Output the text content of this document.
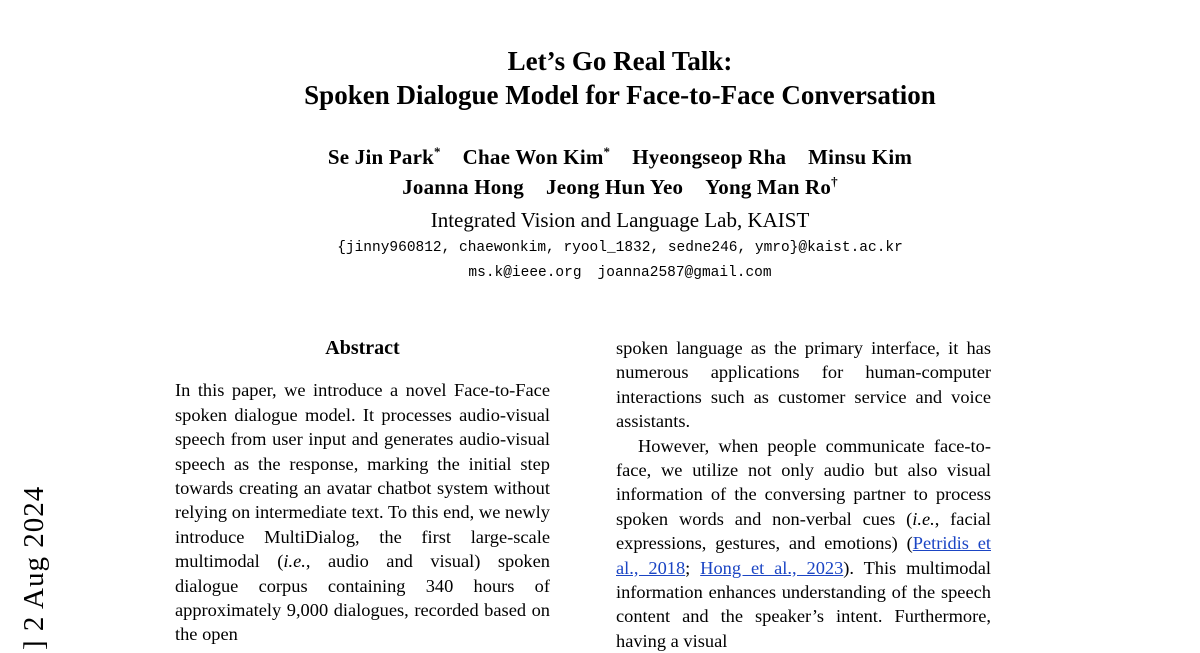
] 2 Aug 2024
Let’s Go Real Talk:
Spoken Dialogue Model for Face-to-Face Conversation
Se Jin Park* Chae Won Kim* Hyeongseop Rha Minsu Kim
Joanna Hong Jeong Hun Yeo Yong Man Ro†
Integrated Vision and Language Lab, KAIST
{jinny960812, chaewonkim, ryool_1832, sedne246, ymro}@kaist.ac.kr
ms.k@ieee.org joanna2587@gmail.com
Abstract

In this paper, we introduce a novel Face-to-Face spoken dialogue model. It processes audio-visual speech from user input and generates audio-visual speech as the response, marking the initial step towards creating an avatar chatbot system without relying on intermediate text. To this end, we newly introduce MultiDialog, the first large-scale multimodal (i.e., audio and visual) spoken dialogue corpus containing 340 hours of approximately 9,000 dialogues, recorded based on the open

spoken language as the primary interface, it has numerous applications for human-computer interactions such as customer service and voice assistants.

However, when people communicate face-to-face, we utilize not only audio but also visual information of the conversing partner to process spoken words and non-verbal cues (i.e., facial expressions, gestures, and emotions) (Petridis et al., 2018; Hong et al., 2023). This multimodal information enhances understanding of the speech content and the speaker’s intent. Furthermore, having a visual
